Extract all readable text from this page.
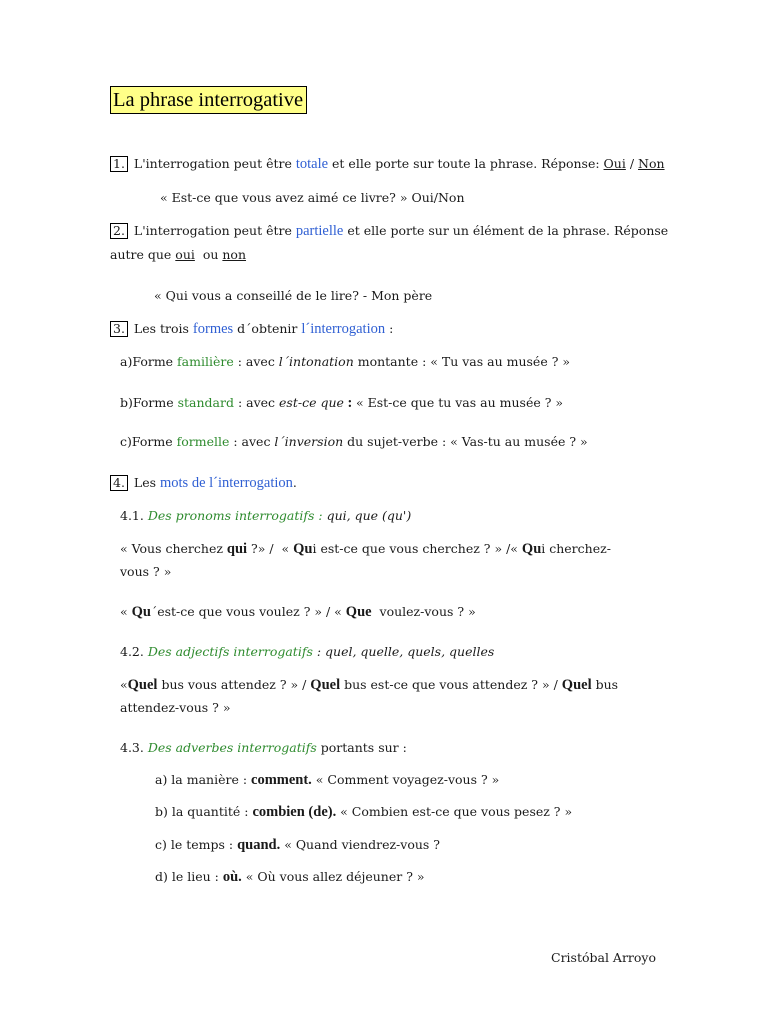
La phrase interrogative
1. L'interrogation peut être totale et elle porte sur toute la phrase. Réponse: Oui / Non
« Est-ce que vous avez aimé ce livre? » Oui/Non
2. L'interrogation peut être partielle et elle porte sur un élément de la phrase. Réponse
autre que oui  ou non
« Qui vous a conseillé de le lire? - Mon père
3. Les trois formes d´obtenir l´interrogation :
a)Forme familière : avec l´intonation montante : « Tu vas au musée ? »
b)Forme standard : avec est-ce que : « Est-ce que tu vas au musée ? »
c)Forme formelle : avec l´inversion du sujet-verbe : « Vas-tu au musée ? »
4. Les mots de l´interrogation.
4.1. Des pronoms interrogatifs : qui, que (qu')
« Vous cherchez qui ?» /  « Qui est-ce que vous cherchez ? » /« Qui cherchez-
vous ? »
« Qu´est-ce que vous voulez ? » / « Que  voulez-vous ? »
4.2. Des adjectifs interrogatifs : quel, quelle, quels, quelles
«Quel bus vous attendez ? » / Quel bus est-ce que vous attendez ? » / Quel bus
attendez-vous ? »
4.3. Des adverbes interrogatifs portants sur :
a) la manière : comment. « Comment voyagez-vous ? »
b) la quantité : combien (de). « Combien est-ce que vous pesez ? »
c) le temps : quand. « Quand viendrez-vous ?
d) le lieu : où. « Où vous allez déjeuner ? »
Cristóbal Arroyo
